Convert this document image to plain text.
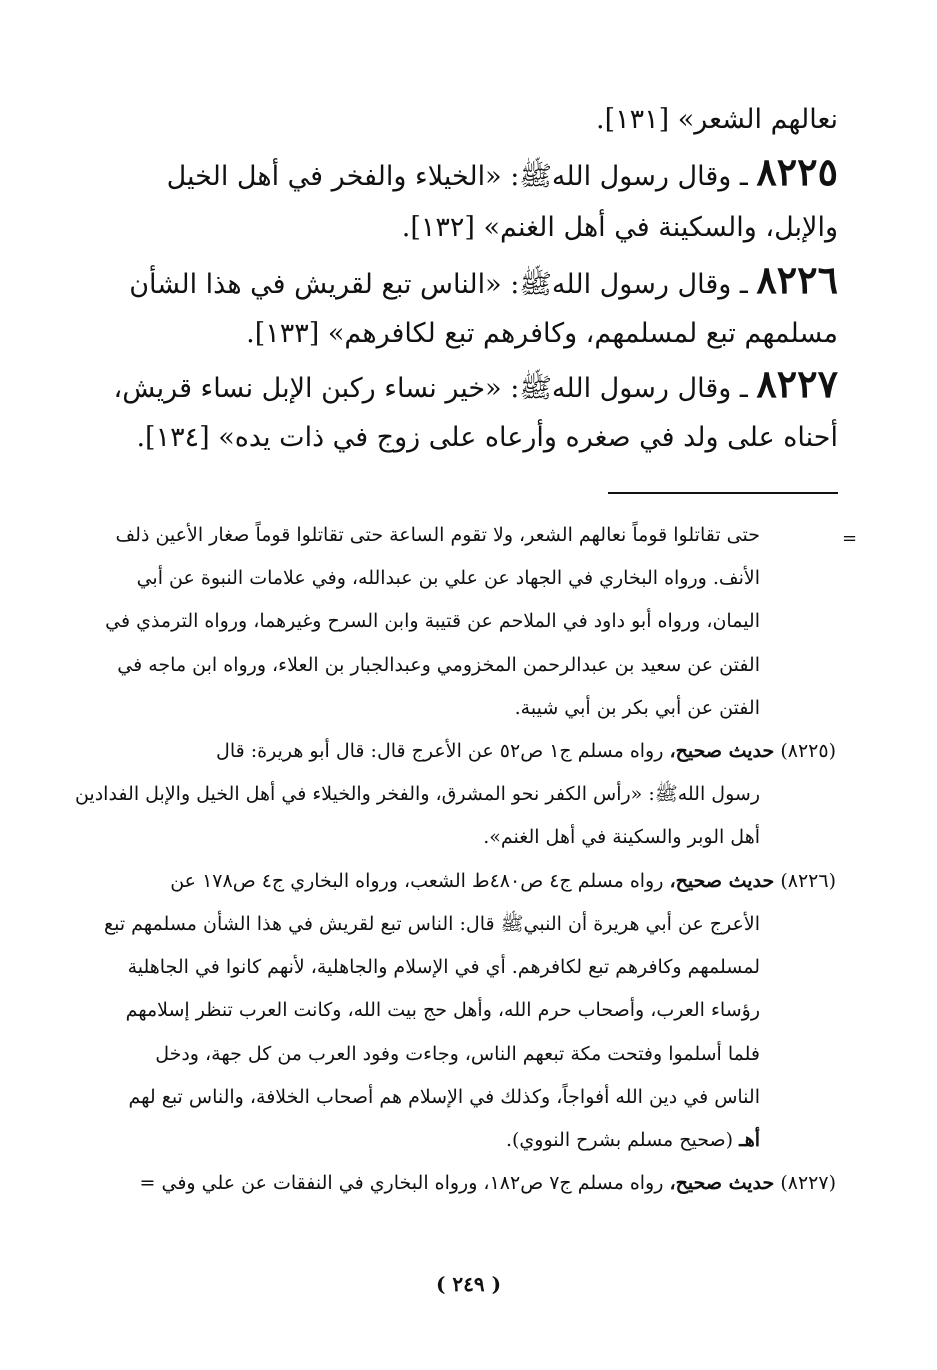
نعالهم الشعر» [١٣١].
٨٢٢٥ ـ وقال رسول اللهﷺ: «الخيلاء والفخر في أهل الخيل
والإبل، والسكينة في أهل الغنم» [١٣٢].
٨٢٢٦ ـ وقال رسول اللهﷺ: «الناس تبع لقريش في هذا الشأن
مسلمهم تبع لمسلمهم، وكافرهم تبع لكافرهم» [١٣٣].
٨٢٢٧ ـ وقال رسول اللهﷺ: «خير نساء ركبن الإبل نساء قريش،
أحناه على ولد في صغره وأرعاه على زوج في ذات يده» [١٣٤].
=
حتى تقاتلوا قوماً نعالهم الشعر، ولا تقوم الساعة حتى تقاتلوا قوماً صغار الأعين ذلف
الأنف. ورواه البخاري في الجهاد عن علي بن عبدالله، وفي علامات النبوة عن أبي
اليمان، ورواه أبو داود في الملاحم عن قتيبة وابن السرح وغيرهما، ورواه الترمذي في
الفتن عن سعيد بن عبدالرحمن المخزومي وعبدالجبار بن العلاء، ورواه ابن ماجه في
الفتن عن أبي بكر بن أبي شيبة.
(٨٢٢٥) حديث صحيح، رواه مسلم ج١ ص٥٢ عن الأعرج قال: قال أبو هريرة: قال
رسول اللهﷺ: «رأس الكفر نحو المشرق، والفخر والخيلاء في أهل الخيل والإبل الفدادين
أهل الوبر والسكينة في أهل الغنم».
(٨٢٢٦) حديث صحيح، رواه مسلم ج٤ ص٤٨٠ط الشعب، ورواه البخاري ج٤ ص١٧٨ عن
الأعرج عن أبي هريرة أن النبيﷺ قال: الناس تبع لقريش في هذا الشأن مسلمهم تبع
لمسلمهم وكافرهم تبع لكافرهم. أي في الإسلام والجاهلية، لأنهم كانوا في الجاهلية
رؤساء العرب، وأصحاب حرم الله، وأهل حج بيت الله، وكانت العرب تنظر إسلامهم
فلما أسلموا وفتحت مكة تبعهم الناس، وجاءت وفود العرب من كل جهة، ودخل
الناس في دين الله أفواجاً، وكذلك في الإسلام هم أصحاب الخلافة، والناس تبع لهم
أهـ (صحيح مسلم بشرح النووي).
(٨٢٢٧) حديث صحيح، رواه مسلم ج٧ ص١٨٢، ورواه البخاري في النفقات عن علي وفي =
( ٢٤٩ )
